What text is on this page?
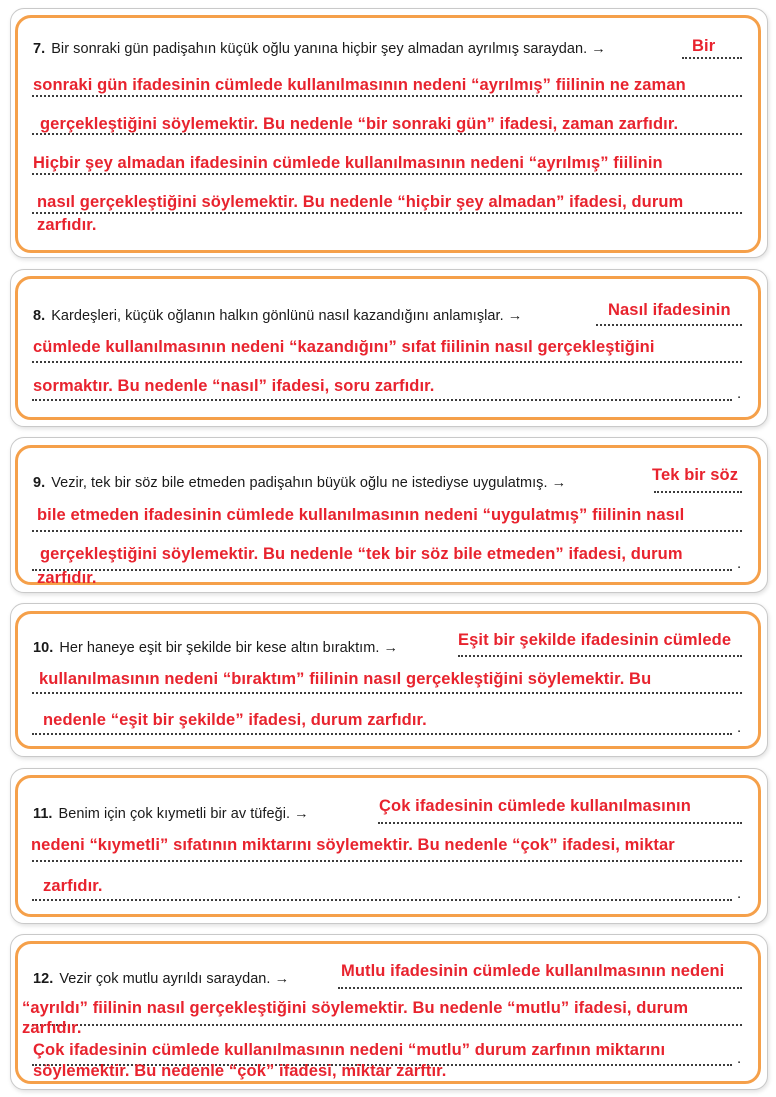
7. Bir sonraki gün padişahın küçük oğlu yanına hiçbir şey almadan ayrılmış saraydan. →	Bir
sonraki gün ifadesinin cümlede kullanılmasının nedeni “ayrılmış” fiilinin ne zaman
gerçekleştiğini söylemektir. Bu nedenle “bir sonraki gün” ifadesi, zaman zarfıdır.
Hiçbir şey almadan ifadesinin cümlede kullanılmasının nedeni “ayrılmış” fiilinin
nasıl gerçekleştiğini söylemektir. Bu nedenle “hiçbir şey almadan” ifadesi, durum
zarfıdır.
8. Kardeşleri, küçük oğlanın halkın gönlünü nasıl kazandığını anlamışlar. →	Nasıl ifadesinin
cümlede kullanılmasının nedeni “kazandığını” sıfat fiilinin nasıl gerçekleştiğini
sormaktır. Bu nedenle “nasıl” ifadesi, soru zarfıdır.	.
9. Vezir, tek bir söz bile etmeden padişahın büyük oğlu ne istediyse uygulatmış. →	Tek bir söz
bile etmeden ifadesinin cümlede kullanılmasının nedeni “uygulatmış” fiilinin nasıl
gerçekleştiğini söylemektir. Bu nedenle “tek bir söz bile etmeden” ifadesi, durum
zarfıdır.
.
10. Her haneye eşit bir şekilde bir kese altın bıraktım. →	Eşit bir şekilde ifadesinin cümlede
kullanılmasının nedeni “bıraktım” fiilinin nasıl gerçekleştiğini söylemektir. Bu
nedenle “eşit bir şekilde” ifadesi, durum zarfıdır.	.
11. Benim için çok kıymetli bir av tüfeği. →	Çok ifadesinin cümlede kullanılmasının
nedeni “kıymetli” sıfatının miktarını söylemektir. Bu nedenle “çok” ifadesi, miktar
zarfıdır.	.
12. Vezir çok mutlu ayrıldı saraydan. →	Mutlu ifadesinin cümlede kullanılmasının nedeni
“ayrıldı” fiilinin nasıl gerçekleştiğini söylemektir. Bu nedenle “mutlu” ifadesi, durum
zarfıdır.
Çok ifadesinin cümlede kullanılmasının nedeni “mutlu” durum zarfının miktarını
söylemektir. Bu nedenle “çok” ifadesi, miktar zarftır.
.
